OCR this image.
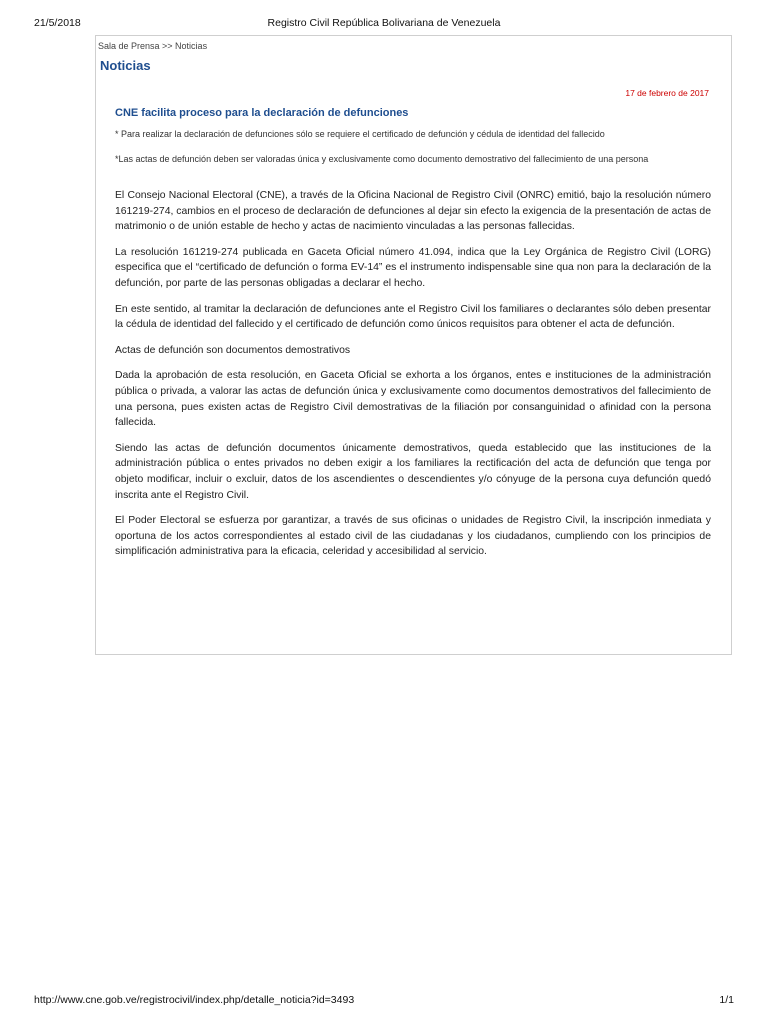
21/5/2018	Registro Civil República Bolivariana de Venezuela
Sala de Prensa >> Noticias
Noticias
17 de febrero de 2017
CNE facilita proceso para la declaración de defunciones

* Para realizar la declaración de defunciones sólo se requiere el certificado de defunción y cédula de identidad del fallecido

*Las actas de defunción deben ser valoradas única y exclusivamente como documento demostrativo del fallecimiento de una persona

El Consejo Nacional Electoral (CNE), a través de la Oficina Nacional de Registro Civil (ONRC) emitió, bajo la resolución número 161219-274, cambios en el proceso de declaración de defunciones al dejar sin efecto la exigencia de la presentación de actas de matrimonio o de unión estable de hecho y actas de nacimiento vinculadas a las personas fallecidas.

La resolución 161219-274 publicada en Gaceta Oficial número 41.094, indica que la Ley Orgánica de Registro Civil (LORG) especifica que el “certificado de defunción o forma EV-14” es el instrumento indispensable sine qua non para la declaración de la defunción, por parte de las personas obligadas a declarar el hecho.

En este sentido, al tramitar la declaración de defunciones ante el Registro Civil los familiares o declarantes sólo deben presentar la cédula de identidad del fallecido y el certificado de defunción como únicos requisitos para obtener el acta de defunción.

Actas de defunción son documentos demostrativos

Dada la aprobación de esta resolución, en Gaceta Oficial se exhorta a los órganos, entes e instituciones de la administración pública o privada, a valorar las actas de defunción única y exclusivamente como documentos demostrativos del fallecimiento de una persona, pues existen actas de Registro Civil demostrativas de la filiación por consanguinidad o afinidad con la persona fallecida.

Siendo las actas de defunción documentos únicamente demostrativos, queda establecido que las instituciones de la administración pública o entes privados no deben exigir a los familiares la rectificación del acta de defunción que tenga por objeto modificar, incluir o excluir, datos de los ascendientes o descendientes y/o cónyuge de la persona cuya defunción quedó inscrita ante el Registro Civil.

El Poder Electoral se esfuerza por garantizar, a través de sus oficinas o unidades de Registro Civil, la inscripción inmediata y oportuna de los actos correspondientes al estado civil de las ciudadanas y los ciudadanos, cumpliendo con los principios de simplificación administrativa para la eficacia, celeridad y accesibilidad al servicio.

http://www.cne.gob.ve/registrocivil/index.php/detalle_noticia?id=3493	1/1
